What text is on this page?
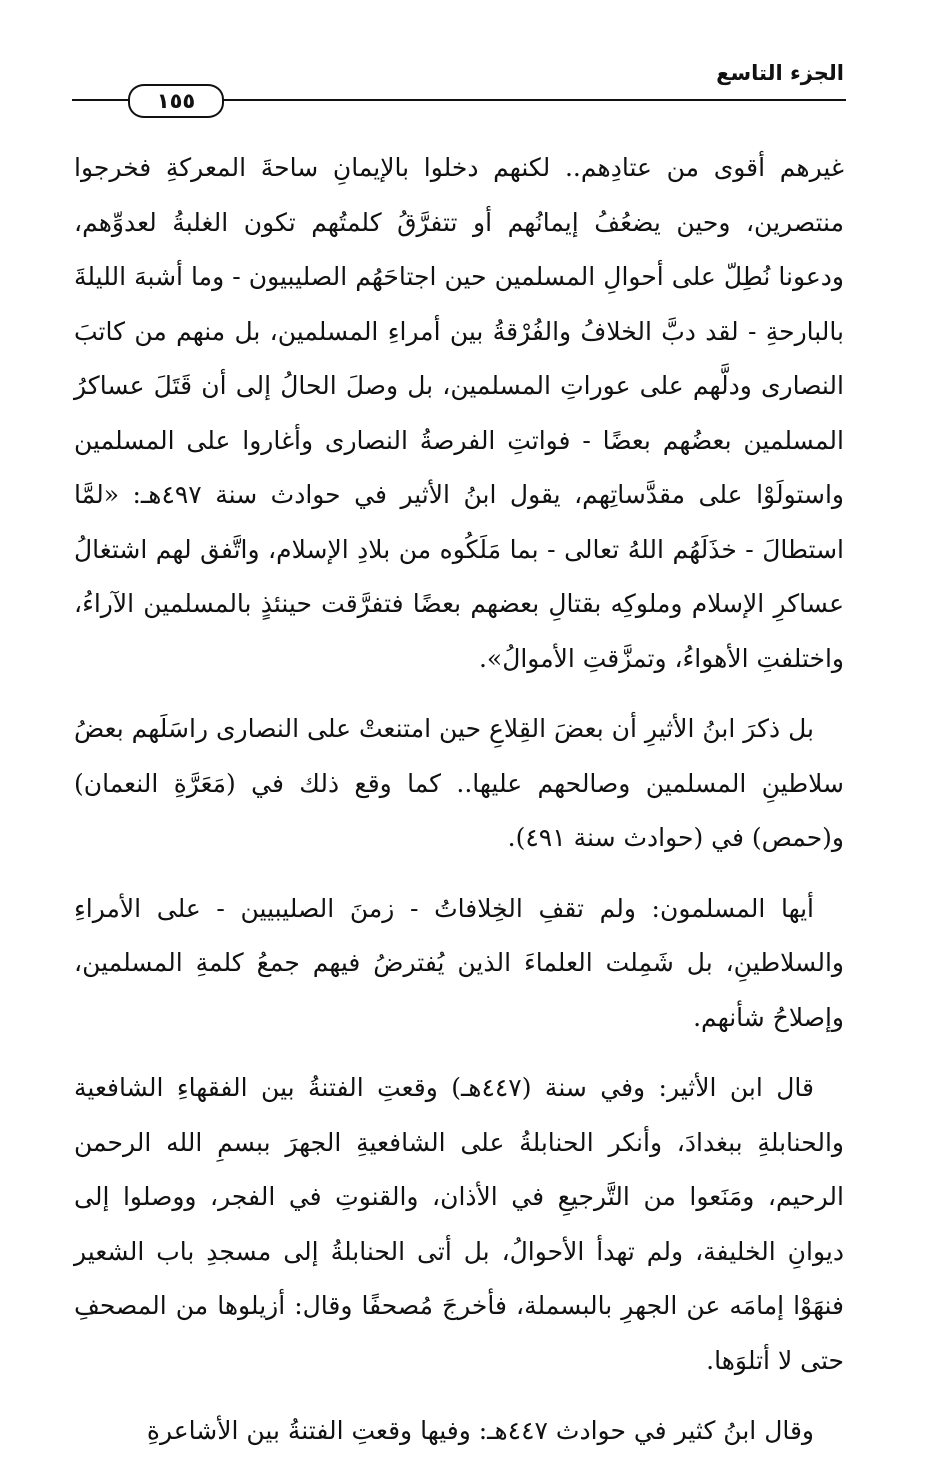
الجزء التاسع
١٥٥

غيرهم أقوى من عتادِهم.. لكنهم دخلوا بالإيمانِ ساحةَ المعركةِ فخرجوا منتصرين، وحين يضعُفُ إيمانُهم أو تتفرَّقُ كلمتُهم تكون الغلبةُ لعدوِّهم، ودعونا نُطِلّ على أحوالِ المسلمين حين اجتاحَهُم الصليبيون - وما أشبهَ الليلةَ بالبارحةِ - لقد دبَّ الخلافُ والفُرْقةُ بين أمراءِ المسلمين، بل منهم من كاتبَ النصارى ودلَّهم على عوراتِ المسلمين، بل وصلَ الحالُ إلى أن قَتَلَ عساكرُ المسلمين بعضُهم بعضًا - فواتتِ الفرصةُ النصارى وأغاروا على المسلمين واستولَوْا على مقدَّساتِهم، يقول ابنُ الأثير في حوادث سنة ٤٩٧هـ: «لمَّا استطالَ - خذَلَهُم اللهُ تعالى - بما مَلَكُوه من بلادِ الإسلام، واتَّفق لهم اشتغالُ عساكرِ الإسلام وملوكِه بقتالِ بعضهم بعضًا فتفرَّقت حينئذٍ بالمسلمين الآراءُ، واختلفتِ الأهواءُ، وتمزَّقتِ الأموالُ».

بل ذكرَ ابنُ الأثيرِ أن بعضَ القِلاعِ حين امتنعتْ على النصارى راسَلَهم بعضُ سلاطينِ المسلمين وصالحهم عليها.. كما وقع ذلك في (مَعَرَّةِ النعمان) و(حمص) في (حوادث سنة ٤٩١).

أيها المسلمون: ولم تقفِ الخِلافاتُ - زمنَ الصليبيين - على الأمراءِ والسلاطينِ، بل شَمِلت العلماءَ الذين يُفترضُ فيهم جمعُ كلمةِ المسلمين، وإصلاحُ شأنهم.

قال ابن الأثير: وفي سنة (٤٤٧هـ) وقعتِ الفتنةُ بين الفقهاءِ الشافعية والحنابلةِ ببغدادَ، وأنكر الحنابلةُ على الشافعيةِ الجهرَ ببسمِ الله الرحمن الرحيم، ومَنَعوا من التَّرجيعِ في الأذان، والقنوتِ في الفجر، ووصلوا إلى ديوانِ الخليفة، ولم تهدأ الأحوالُ، بل أتى الحنابلةُ إلى مسجدِ باب الشعير فنهَوْا إمامَه عن الجهرِ بالبسملة، فأخرجَ مُصحفًا وقال: أزيلوها من المصحفِ حتى لا أتلوَها.

وقال ابنُ كثير في حوادث ٤٤٧هـ: وفيها وقعتِ الفتنةُ بين الأشاعرةِ
